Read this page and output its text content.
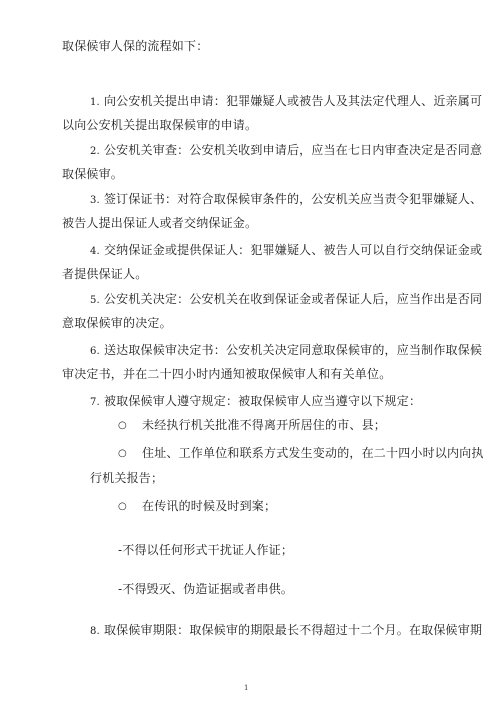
取保候审人保的流程如下：
1. 向公安机关提出申请：犯罪嫌疑人或被告人及其法定代理人、近亲属可
以向公安机关提出取保候审的申请。
2. 公安机关审查：公安机关收到申请后，应当在七日内审查决定是否同意
取保候审。
3. 签订保证书：对符合取保候审条件的，公安机关应当责令犯罪嫌疑人、
被告人提出保证人或者交纳保证金。
4. 交纳保证金或提供保证人：犯罪嫌疑人、被告人可以自行交纳保证金或
者提供保证人。
5. 公安机关决定：公安机关在收到保证金或者保证人后，应当作出是否同
意取保候审的决定。
6. 送达取保候审决定书：公安机关决定同意取保候审的，应当制作取保候
审决定书，并在二十四小时内通知被取保候审人和有关单位。
7. 被取保候审人遵守规定：被取保候审人应当遵守以下规定：
○ 未经执行机关批准不得离开所居住的市、县；
○ 住址、工作单位和联系方式发生变动的，在二十四小时以内向执
行机关报告；
○ 在传讯的时候及时到案；
-不得以任何形式干扰证人作证；
-不得毁灭、伪造证据或者串供。
8. 取保候审期限：取保候审的期限最长不得超过十二个月。在取保候审期
1
